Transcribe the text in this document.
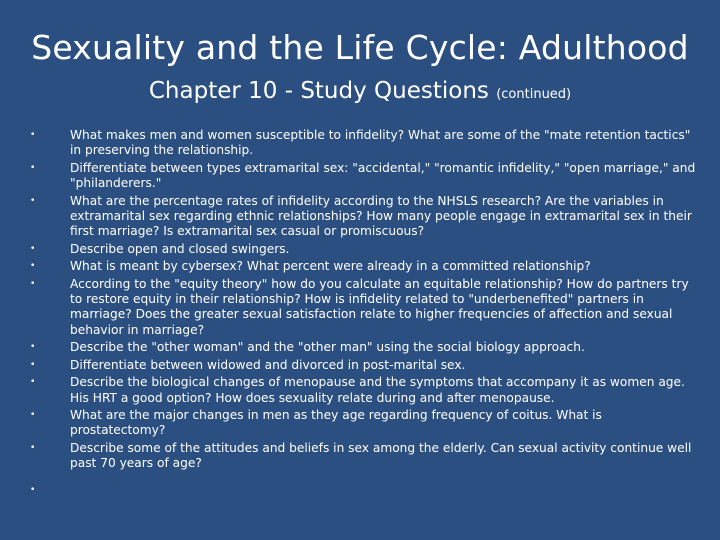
Sexuality and the Life Cycle: Adulthood
Chapter 10 - Study Questions (continued)
•	What makes men and women susceptible to infidelity? What are some of the "mate retention tactics" in preserving the relationship.
•	Differentiate between types extramarital sex: "accidental," "romantic infidelity," "open marriage," and "philanderers."
•	What are the percentage rates of infidelity according to the NHSLS research? Are the variables in extramarital sex regarding ethnic relationships? How many people engage in extramarital sex in their first marriage? Is extramarital sex casual or promiscuous?
•	Describe open and closed swingers.
•	What is meant by cybersex? What percent were already in a committed relationship?
•	According to the "equity theory" how do you calculate an equitable relationship? How do partners try to restore equity in their relationship? How is infidelity related to "underbenefited" partners in marriage? Does the greater sexual satisfaction relate to higher frequencies of affection and sexual behavior in marriage?
•	Describe the "other woman" and the "other man" using the social biology approach.
•	Differentiate between widowed and divorced in post-marital sex.
•	Describe the biological changes of menopause and the symptoms that accompany it as women age. His HRT a good option? How does sexuality relate during and after menopause.
•	What are the major changes in men as they age regarding frequency of coitus. What is prostatectomy?
•	Describe some of the attitudes and beliefs in sex among the elderly. Can sexual activity continue well past 70 years of age?
•
